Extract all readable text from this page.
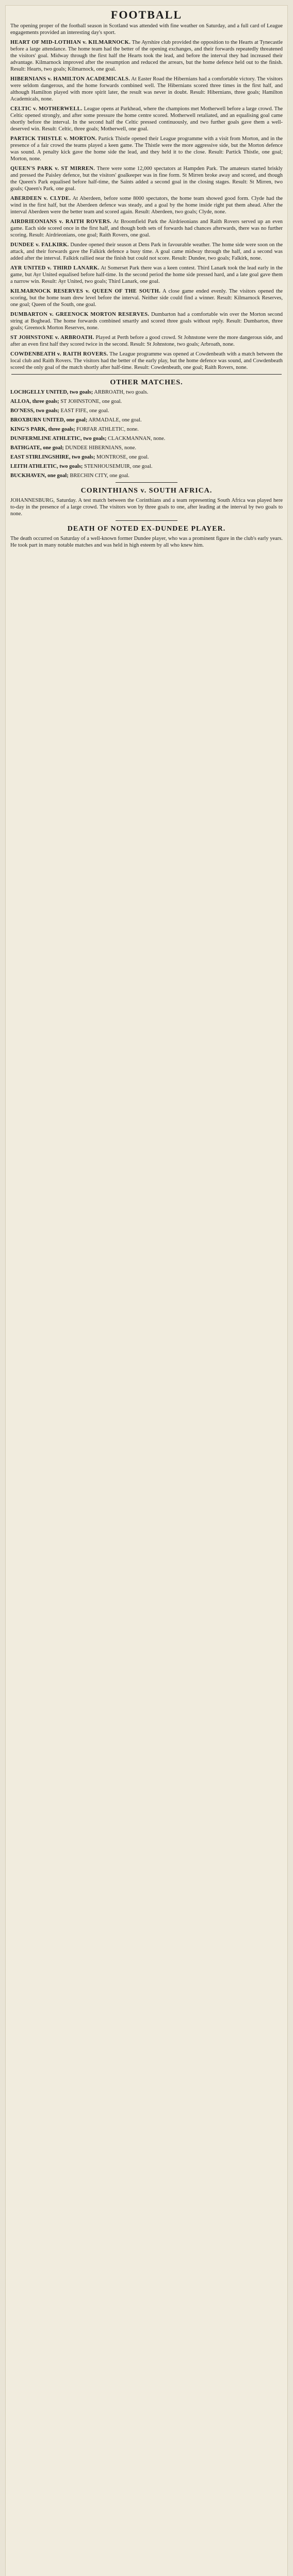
FOOTBALL

The opening proper of the football season in Scotland was attended with fine weather on Saturday, and a full card of League engagements provided an interesting day's sport.

HEART OF MID-LOTHIAN v. KILMARNOCK. The Ayrshire club provided the opposition to the Hearts at Tynecastle before a large attendance. The home team had the better of the opening exchanges, and their forwards repeatedly threatened the visitors' goal. Midway through the first half the Hearts took the lead, and before the interval they had increased their advantage. Kilmarnock improved after the resumption and reduced the arrears, but the home defence held out to the finish. Result: Hearts, two goals; Kilmarnock, one goal.

HIBERNIANS v. HAMILTON ACADEMICALS. At Easter Road the Hibernians had a comfortable victory. The visitors were seldom dangerous, and the home forwards combined well. The Hibernians scored three times in the first half, and although Hamilton played with more spirit later, the result was never in doubt. Result: Hibernians, three goals; Hamilton Academicals, none.

CELTIC v. MOTHERWELL. League opens at Parkhead, where the champions met Motherwell before a large crowd. The Celtic opened strongly, and after some pressure the home centre scored. Motherwell retaliated, and an equalising goal came shortly before the interval. In the second half the Celtic pressed continuously, and two further goals gave them a well-deserved win. Result: Celtic, three goals; Motherwell, one goal.

PARTICK THISTLE v. MORTON. Partick Thistle opened their League programme with a visit from Morton, and in the presence of a fair crowd the teams played a keen game. The Thistle were the more aggressive side, but the Morton defence was sound. A penalty kick gave the home side the lead, and they held it to the close. Result: Partick Thistle, one goal; Morton, none.

QUEEN'S PARK v. ST MIRREN. There were some 12,000 spectators at Hampden Park. The amateurs started briskly and pressed the Paisley defence, but the visitors' goalkeeper was in fine form. St Mirren broke away and scored, and though the Queen's Park equalised before half-time, the Saints added a second goal in the closing stages. Result: St Mirren, two goals; Queen's Park, one goal.

ABERDEEN v. CLYDE. At Aberdeen, before some 8000 spectators, the home team showed good form. Clyde had the wind in the first half, but the Aberdeen defence was steady, and a goal by the home inside right put them ahead. After the interval Aberdeen were the better team and scored again. Result: Aberdeen, two goals; Clyde, none.

AIRDRIEONIANS v. RAITH ROVERS. At Broomfield Park the Airdrieonians and Raith Rovers served up an even game. Each side scored once in the first half, and though both sets of forwards had chances afterwards, there was no further scoring. Result: Airdrieonians, one goal; Raith Rovers, one goal.

DUNDEE v. FALKIRK. Dundee opened their season at Dens Park in favourable weather. The home side were soon on the attack, and their forwards gave the Falkirk defence a busy time. A goal came midway through the half, and a second was added after the interval. Falkirk rallied near the finish but could not score. Result: Dundee, two goals; Falkirk, none.

AYR UNITED v. THIRD LANARK. At Somerset Park there was a keen contest. Third Lanark took the lead early in the game, but Ayr United equalised before half-time. In the second period the home side pressed hard, and a late goal gave them a narrow win. Result: Ayr United, two goals; Third Lanark, one goal.

KILMARNOCK RESERVES v. QUEEN OF THE SOUTH. A close game ended evenly. The visitors opened the scoring, but the home team drew level before the interval. Neither side could find a winner. Result: Kilmarnock Reserves, one goal; Queen of the South, one goal.

DUMBARTON v. GREENOCK MORTON RESERVES. Dumbarton had a comfortable win over the Morton second string at Boghead. The home forwards combined smartly and scored three goals without reply. Result: Dumbarton, three goals; Greenock Morton Reserves, none.

ST JOHNSTONE v. ARBROATH. Played at Perth before a good crowd. St Johnstone were the more dangerous side, and after an even first half they scored twice in the second. Result: St Johnstone, two goals; Arbroath, none.

COWDENBEATH v. RAITH ROVERS. The League programme was opened at Cowdenbeath with a match between the local club and Raith Rovers. The visitors had the better of the early play, but the home defence was sound, and Cowdenbeath scored the only goal of the match shortly after half-time. Result: Cowdenbeath, one goal; Raith Rovers, none.

OTHER MATCHES.
LOCHGELLY UNITED, two goals; ARBROATH, two goals.
ALLOA, three goals; ST JOHNSTONE, one goal.
BO'NESS, two goals; EAST FIFE, one goal.
BROXBURN UNITED, one goal; ARMADALE, one goal.
KING'S PARK, three goals; FORFAR ATHLETIC, none.
DUNFERMLINE ATHLETIC, two goals; CLACKMANNAN, none.
BATHGATE, one goal; DUNDEE HIBERNIANS, none.
EAST STIRLINGSHIRE, two goals; MONTROSE, one goal.
LEITH ATHLETIC, two goals; STENHOUSEMUIR, one goal.
BUCKHAVEN, one goal; BRECHIN CITY, one goal.
CORINTHIANS v. SOUTH AFRICA.
JOHANNESBURG, Saturday. A test match between the Corinthians and a team representing South Africa was played here to-day in the presence of a large crowd. The visitors won by three goals to one, after leading at the interval by two goals to none.
DEATH OF NOTED EX-DUNDEE PLAYER.
The death occurred on Saturday of a well-known former Dundee player, who was a prominent figure in the club's early years. He took part in many notable matches and was held in high esteem by all who knew him.
